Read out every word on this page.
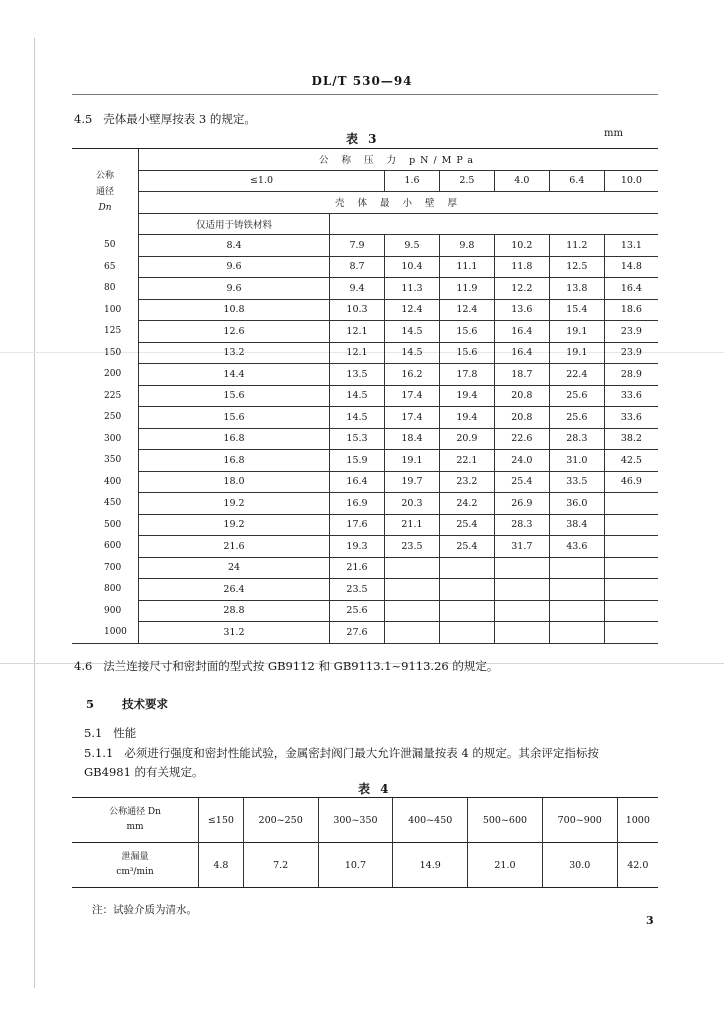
DL/T 530—94
4.5 壳体最小壁厚按表 3 的规定。
表 3	mm
公称
通径
Dn	公 称 压 力 pN/MPa						
	≤1.0		1.6	2.5	4.0	6.4	10.0
	壳 体 最 小 壁 厚						
	仅适用于铸铁材料						
50	8.4	7.9	9.5	9.8	10.2	11.2	13.1
65	9.6	8.7	10.4	11.1	11.8	12.5	14.8
80	9.6	9.4	11.3	11.9	12.2	13.8	16.4
100	10.8	10.3	12.4	12.4	13.6	15.4	18.6
125	12.6	12.1	14.5	15.6	16.4	19.1	23.9
150	13.2	12.1	14.5	15.6	16.4	19.1	23.9
200	14.4	13.5	16.2	17.8	18.7	22.4	28.9
225	15.6	14.5	17.4	19.4	20.8	25.6	33.6
250	15.6	14.5	17.4	19.4	20.8	25.6	33.6
300	16.8	15.3	18.4	20.9	22.6	28.3	38.2
350	16.8	15.9	19.1	22.1	24.0	31.0	42.5
400	18.0	16.4	19.7	23.2	25.4	33.5	46.9
450	19.2	16.9	20.3	24.2	26.9	36.0	
500	19.2	17.6	21.1	25.4	28.3	38.4	
600	21.6	19.3	23.5	25.4	31.7	43.6	
700	24	21.6					
800	26.4	23.5					
900	28.8	25.6					
1000	31.2	27.6					
4.6 法兰连接尺寸和密封面的型式按 GB9112 和 GB9113.1~9113.26 的规定。
5 技术要求
5.1 性能
5.1.1 必须进行强度和密封性能试验，金属密封阀门最大允许泄漏量按表 4 的规定。其余评定指标按
GB4981 的有关规定。
表 4
公称通径 Dn
mm	≤150	200~250	300~350	400~450	500~600	700~900	1000

泄漏量
cm³/min	4.8	7.2	10.7	14.9	21.0	30.0	42.0
注：试验介质为清水。
3
